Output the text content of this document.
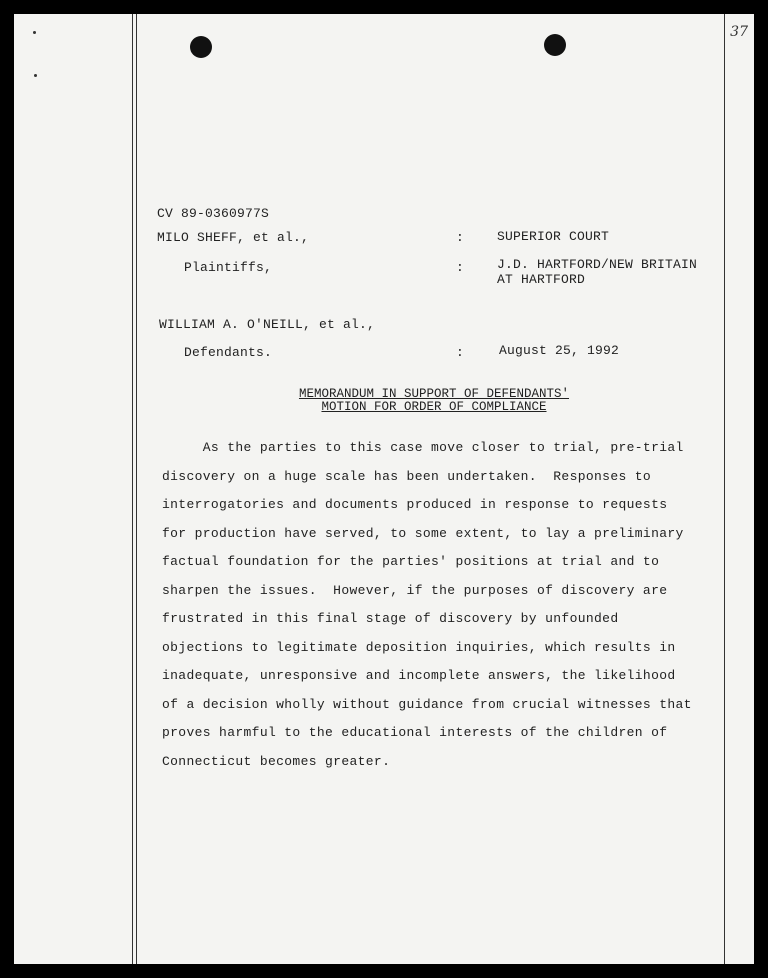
37
CV 89-0360977S
MILO SHEFF, et al.,	:	SUPERIOR COURT
Plaintiffs,	:	J.D. HARTFORD/NEW BRITAIN
AT HARTFORD
WILLIAM A. O'NEILL, et al.,
Defendants.	:	August 25, 1992
MEMORANDUM IN SUPPORT OF DEFENDANTS'
MOTION FOR ORDER OF COMPLIANCE
As the parties to this case move closer to trial, pre-trial
discovery on a huge scale has been undertaken.  Responses to
interrogatories and documents produced in response to requests
for production have served, to some extent, to lay a preliminary
factual foundation for the parties' positions at trial and to
sharpen the issues.  However, if the purposes of discovery are
frustrated in this final stage of discovery by unfounded
objections to legitimate deposition inquiries, which results in
inadequate, unresponsive and incomplete answers, the likelihood
of a decision wholly without guidance from crucial witnesses that
proves harmful to the educational interests of the children of
Connecticut becomes greater.
